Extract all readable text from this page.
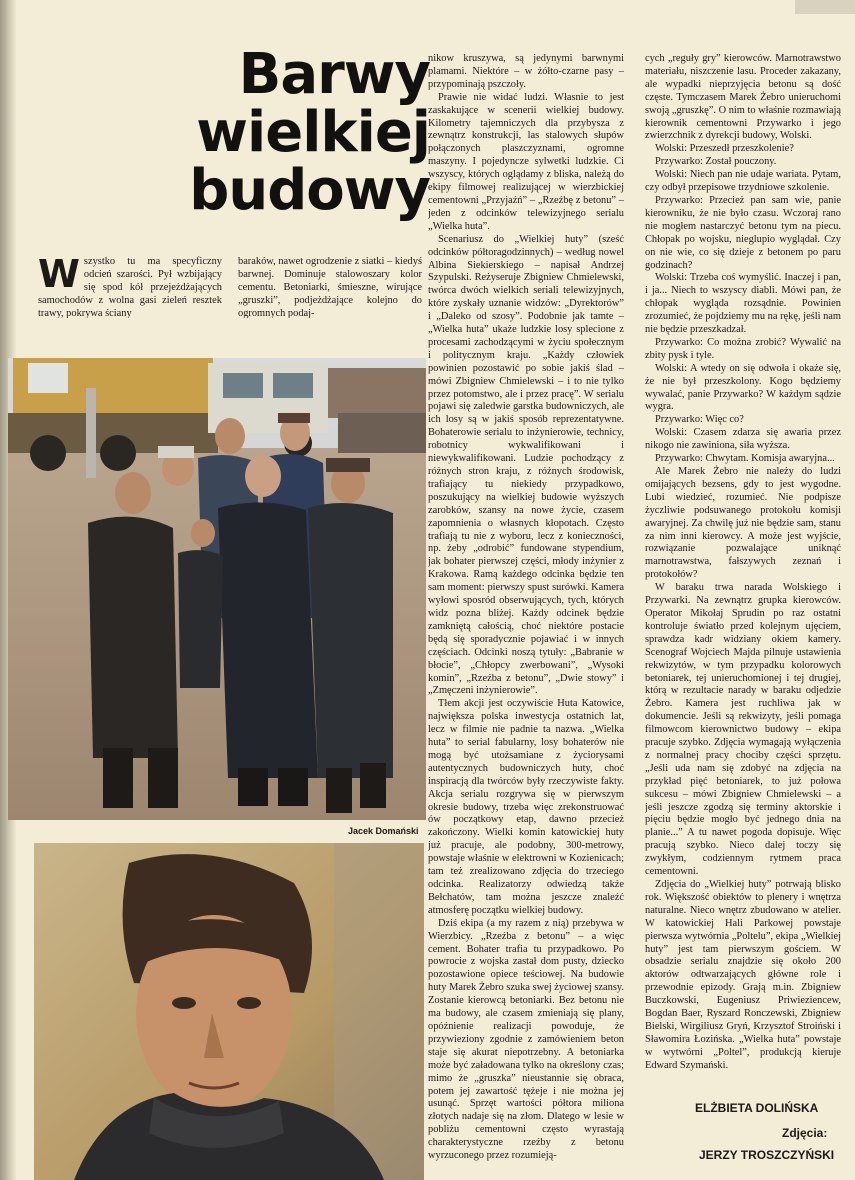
Barwy
wielkiej
budowy
W szystko tu ma specyficzny odcień szarości. Pył wzbijający się spod kół przejeżdżających samochodów z wolna gasi zieleń resztek trawy, pokrywa ściany
baraków, nawet ogrodzenie z siatki – kiedyś barwnej. Dominuje stalowoszary kolor cementu. Betoniarki, śmieszne, wirujące „gruszki”, podjeżdżające kolejno do ogromnych podaj-

nikow kruszywa, są jedynymi barwnymi plamami. Niektóre – w żółto-czarne pasy – przypominają pszczoły.

Prawie nie widać ludzi. Własnie to jest zaskakujące w scenerii wielkiej budowy. Kilometry tajemniczych dla przybysza z zewnątrz konstrukcji, las stalowych słupów połączonych plaszczyznami, ogromne maszyny. I pojedyncze sylwetki ludzkie. Ci wszyscy, których oglądamy z bliska, należą do ekipy filmowej realizującej w wierzbickiej cementowni „Przyjaźń” – „Rzeźbę z betonu” – jeden z odcinków telewizyjnego serialu „Wielka huta”.

Scenariusz do „Wielkiej huty” (sześć odcinków półtoragodzinnych) – według nowel Albina Siekierskiego – napisał Andrzej Szypulski. Reżyseruje Zbigniew Chmielewski, twórca dwóch wielkich seriali telewizyjnych, które zyskały uznanie widzów: „Dyrektorów” i „Daleko od szosy”. Podobnie jak tamte – „Wielka huta” ukaże ludzkie losy splecione z procesami zachodzącymi w życiu społecznym i politycznym kraju. „Każdy człowiek powinien pozostawić po sobie jakiś ślad – mówi Zbigniew Chmielewski – i to nie tylko przez potomstwo, ale i przez pracę”. W serialu pojawi się zaledwie garstka budowniczych, ale ich losy są w jakiś sposób reprezentatywne. Bohaterowie serialu to inżynierowie, technicy, robotnicy wykwalifikowani i niewykwalifikowani. Ludzie pochodzący z różnych stron kraju, z różnych środowisk, trafiający tu niekiedy przypadkowo, poszukujący na wielkiej budowie wyższych zarobków, szansy na nowe życie, czasem zapomnienia o własnych kłopotach. Często trafiają tu nie z wyboru, lecz z konieczności, np. żeby „odrobić” fundowane stypendium, jak bohater pierwszej części, młody inżynier z Krakowa. Ramą każdego odcinka będzie ten sam moment: pierwszy spust surówki. Kamera wyłowi sposród obserwujących, tych, których widz pozna bliżej. Każdy odcinek będzie zamkniętą całością, choć niektóre postacie będą się sporadycznie pojawiać i w innych częściach. Odcinki noszą tytuły: „Babranie w błocie”, „Chłopcy zwerbowani”, „Wysoki komin”, „Rzeźba z betonu”, „Dwie stowy” i „Zmęczeni inżynierowie”.

Tłem akcji jest oczywiście Huta Katowice, największa polska inwestycja ostatnich lat, lecz w filmie nie padnie ta nazwa. „Wielka huta” to serial fabularny, losy bohaterów nie mogą być utożsamiane z życiorysami autentycznych budowniczych huty, choć inspiracją dla twórców były rzeczywiste fakty. Akcja serialu rozgrywa się w pierwszym okresie budowy, trzeba więc zrekonstruować ów początkowy etap, dawno przecież zakończony. Wielki komin katowickiej huty już pracuje, ale podobny, 300-metrowy, powstaje właśnie w elektrowni w Kozienicach; tam też zrealizowano zdjęcia do trzeciego odcinka. Realizatorzy odwiedzą także Bełchatów, tam można jeszcze znaleźć atmosferę początku wielkiej budowy.

Dziś ekipa (a my razem z nią) przebywa w Wierzbicy. „Rzeźba z betonu” – a więc cement. Bohater trafia tu przypadkowo. Po powrocie z wojska zastał dom pusty, dziecko pozostawione opiece teściowej. Na budowie huty Marek Żebro szuka swej życiowej szansy. Zostanie kierowcą betoniarki. Bez betonu nie ma budowy, ale czasem zmieniają się plany, opóźnienie realizacji powoduje, że przywieziony zgodnie z zamówieniem beton staje się akurat niepotrzebny. A betoniarka może być załadowana tylko na określony czas; mimo że „gruszka” nieustannie się obraca, potem jej zawartość tężeje i nie można jej usunąć. Sprzęt wartości półtora miliona złotych nadaje się na złom. Dlatego w lesie w pobliżu cementowni często wyrastają charakterystyczne rzeźby z betonu wyrzuconego przez rozumieją-

cych „reguły gry” kierowców. Marnotrawstwo materiału, niszczenie lasu. Proceder zakazany, ale wypadki nieprzyjęcia betonu są dość częste. Tymczasem Marek Żebro unieruchomi swoją „gruszkę”. O nim to właśnie rozmawiają kierownik cementowni Przywarko i jego zwierzchnik z dyrekcji budowy, Wolski.

Wolski: Przeszedł przeszkolenie?

Przywarko: Został pouczony.

Wolski: Niech pan nie udaje wariata. Pytam, czy odbył przepisowe trzydniowe szkolenie.

Przywarko: Przecież pan sam wie, panie kierowniku, że nie było czasu. Wczoraj rano nie mogłem nastarczyć betonu tym na piecu. Chłopak po wojsku, nieglupio wyglądał. Czy on nie wie, co się dzieje z betonem po paru godzinach?

Wolski: Trzeba coś wymyślić. Inaczej i pan, i ja... Niech to wszyscy diabli. Mówi pan, że chłopak wygląda rozsądnie. Powinien zrozumieć, że pojdziemy mu na rękę, jeśli nam nie będzie przeszkadzał.

Przywarko: Co można zrobić? Wywalić na zbity pysk i tyle.

Wolski: A wtedy on się odwoła i okaże się, że nie był przeszkolony. Kogo będziemy wywalać, panie Przywarko? W każdym sądzie wygra.

Przywarko: Więc co?

Wolski: Czasem zdarza się awaria przez nikogo nie zawiniona, siła wyższa.

Przywarko: Chwytam. Komisja awaryjna...

Ale Marek Żebro nie należy do ludzi omijających bezsens, gdy to jest wygodne. Lubi wiedzieć, rozumieć. Nie podpisze życzliwie podsuwanego protokołu komisji awaryjnej. Za chwilę już nie będzie sam, stanu za nim inni kierowcy. A może jest wyjście, rozwiązanie pozwalające uniknąć marnotrawstwa, fałszywych zeznań i protokołów?

W baraku trwa narada Wolskiego i Przywarki. Na zewnątrz grupka kierowców. Operator Mikołaj Sprudin po raz ostatni kontroluje światło przed kolejnym ujęciem, sprawdza kadr widziany okiem kamery. Scenograf Wojciech Majda pilnuje ustawienia rekwizytów, w tym przypadku kolorowych betoniarek, tej unieruchomionej i tej drugiej, którą w rezultacie narady w baraku odjedzie Żebro. Kamera jest ruchliwa jak w dokumencie. Jeśli są rekwizyty, jeśli pomaga filmowcom kierownictwo budowy – ekipa pracuje szybko. Zdjęcia wymagają wyłączenia z normalnej pracy chociby części sprzętu. „Jeśli uda nam się zdobyć na zdjęcia na przykład pięć betoniarek, to już połowa sukcesu – mówi Zbigniew Chmielewski – a jeśli jeszcze zgodzą się terminy aktorskie i pięciu będzie mogło być jednego dnia na planie...” A tu nawet pogoda dopisuje. Więc pracują szybko. Nieco dalej toczy się zwykłym, codziennym rytmem praca cementowni.

Zdjęcia do „Wielkiej huty” potrwają blisko rok. Większość obiektów to plenery i wnętrza naturalne. Nieco wnętrz zbudowano w atelier. W katowickiej Hali Parkowej powstaje pierwsza wytwórnia „Poltelu”, ekipa „Wielkiej huty” jest tam pierwszym gościem. W obsadzie serialu znajdzie się około 200 aktorów odtwarzających główne role i przewodnie epizody. Grają m.in. Zbigniew Buczkowski, Eugeniusz Priwieziencew, Bogdan Baer, Ryszard Ronczewski, Zbigniew Bielski, Wirgiliusz Gryń, Krzysztof Stroiński i Sławomira Łozińska. „Wielka huta” powstaje w wytwórni „Poltel”, produkcją kieruje Edward Szymański.

Jacek Domański
ELŻBIETA DOLIŃSKA
Zdjęcia:
JERZY TROSZCZYŃSKI
